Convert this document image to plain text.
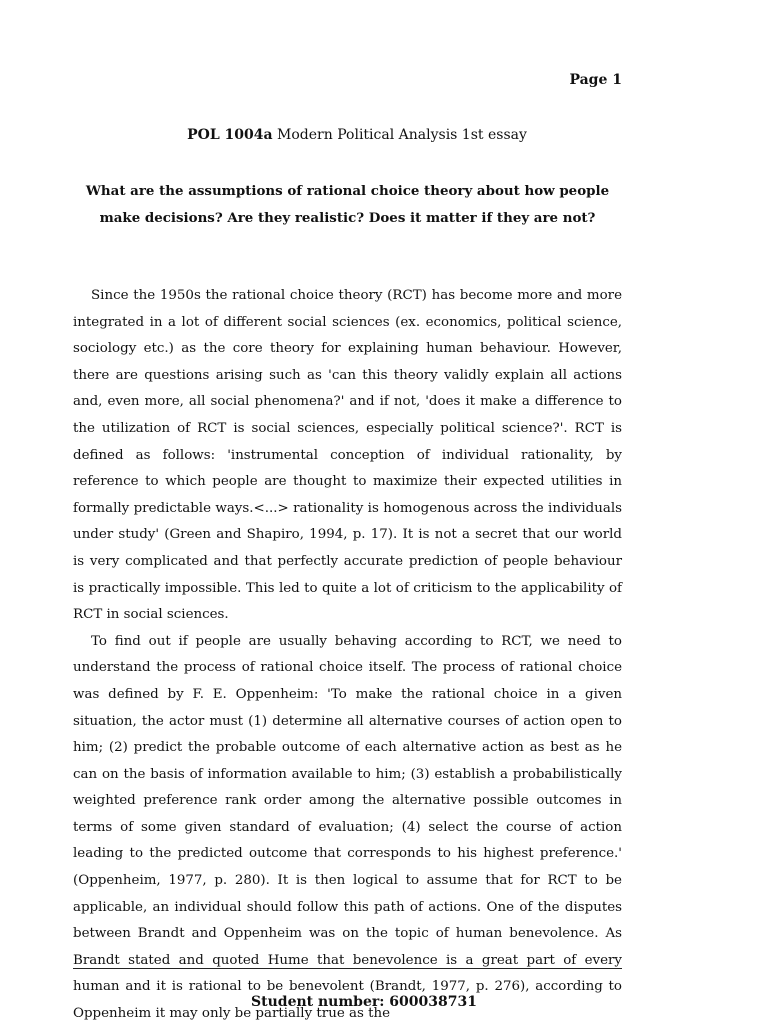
Page 1
POL 1004a Modern Political Analysis 1st essay
What are the assumptions of rational choice theory about how people make decisions? Are they realistic? Does it matter if they are not?

Since the 1950s the rational choice theory (RCT) has become more and more integrated in a lot of different social sciences (ex. economics, political science, sociology etc.) as the core theory for explaining human behaviour. However, there are questions arising such as 'can this theory validly explain all actions and, even more, all social phenomena?' and if not, 'does it make a difference to the utilization of RCT is social sciences, especially political science?'. RCT is defined as follows: 'instrumental conception of individual rationality, by reference to which people are thought to maximize their expected utilities in formally predictable ways.<...> rationality is homogenous across the individuals under study' (Green and Shapiro, 1994, p. 17). It is not a secret that our world is very complicated and that perfectly accurate prediction of people behaviour is practically impossible. This led to quite a lot of criticism to the applicability of RCT in social sciences.

To find out if people are usually behaving according to RCT, we need to understand the process of rational choice itself. The process of rational choice was defined by F. E. Oppenheim: 'To make the rational choice in a given situation, the actor must (1) determine all alternative courses of action open to him; (2) predict the probable outcome of each alternative action as best as he can on the basis of information available to him; (3) establish a probabilistically weighted preference rank order among the alternative possible outcomes in terms of some given standard of evaluation; (4) select the course of action leading to the predicted outcome that corresponds to his highest preference.' (Oppenheim, 1977, p. 280). It is then logical to assume that for RCT to be applicable, an individual should follow this path of actions. One of the disputes between Brandt and Oppenheim was on the topic of human benevolence. As Brandt stated and quoted Hume that benevolence is a great part of every human and it is rational to be benevolent (Brandt, 1977, p. 276), according to Oppenheim it may only be partially true as the

Student number: 600038731
